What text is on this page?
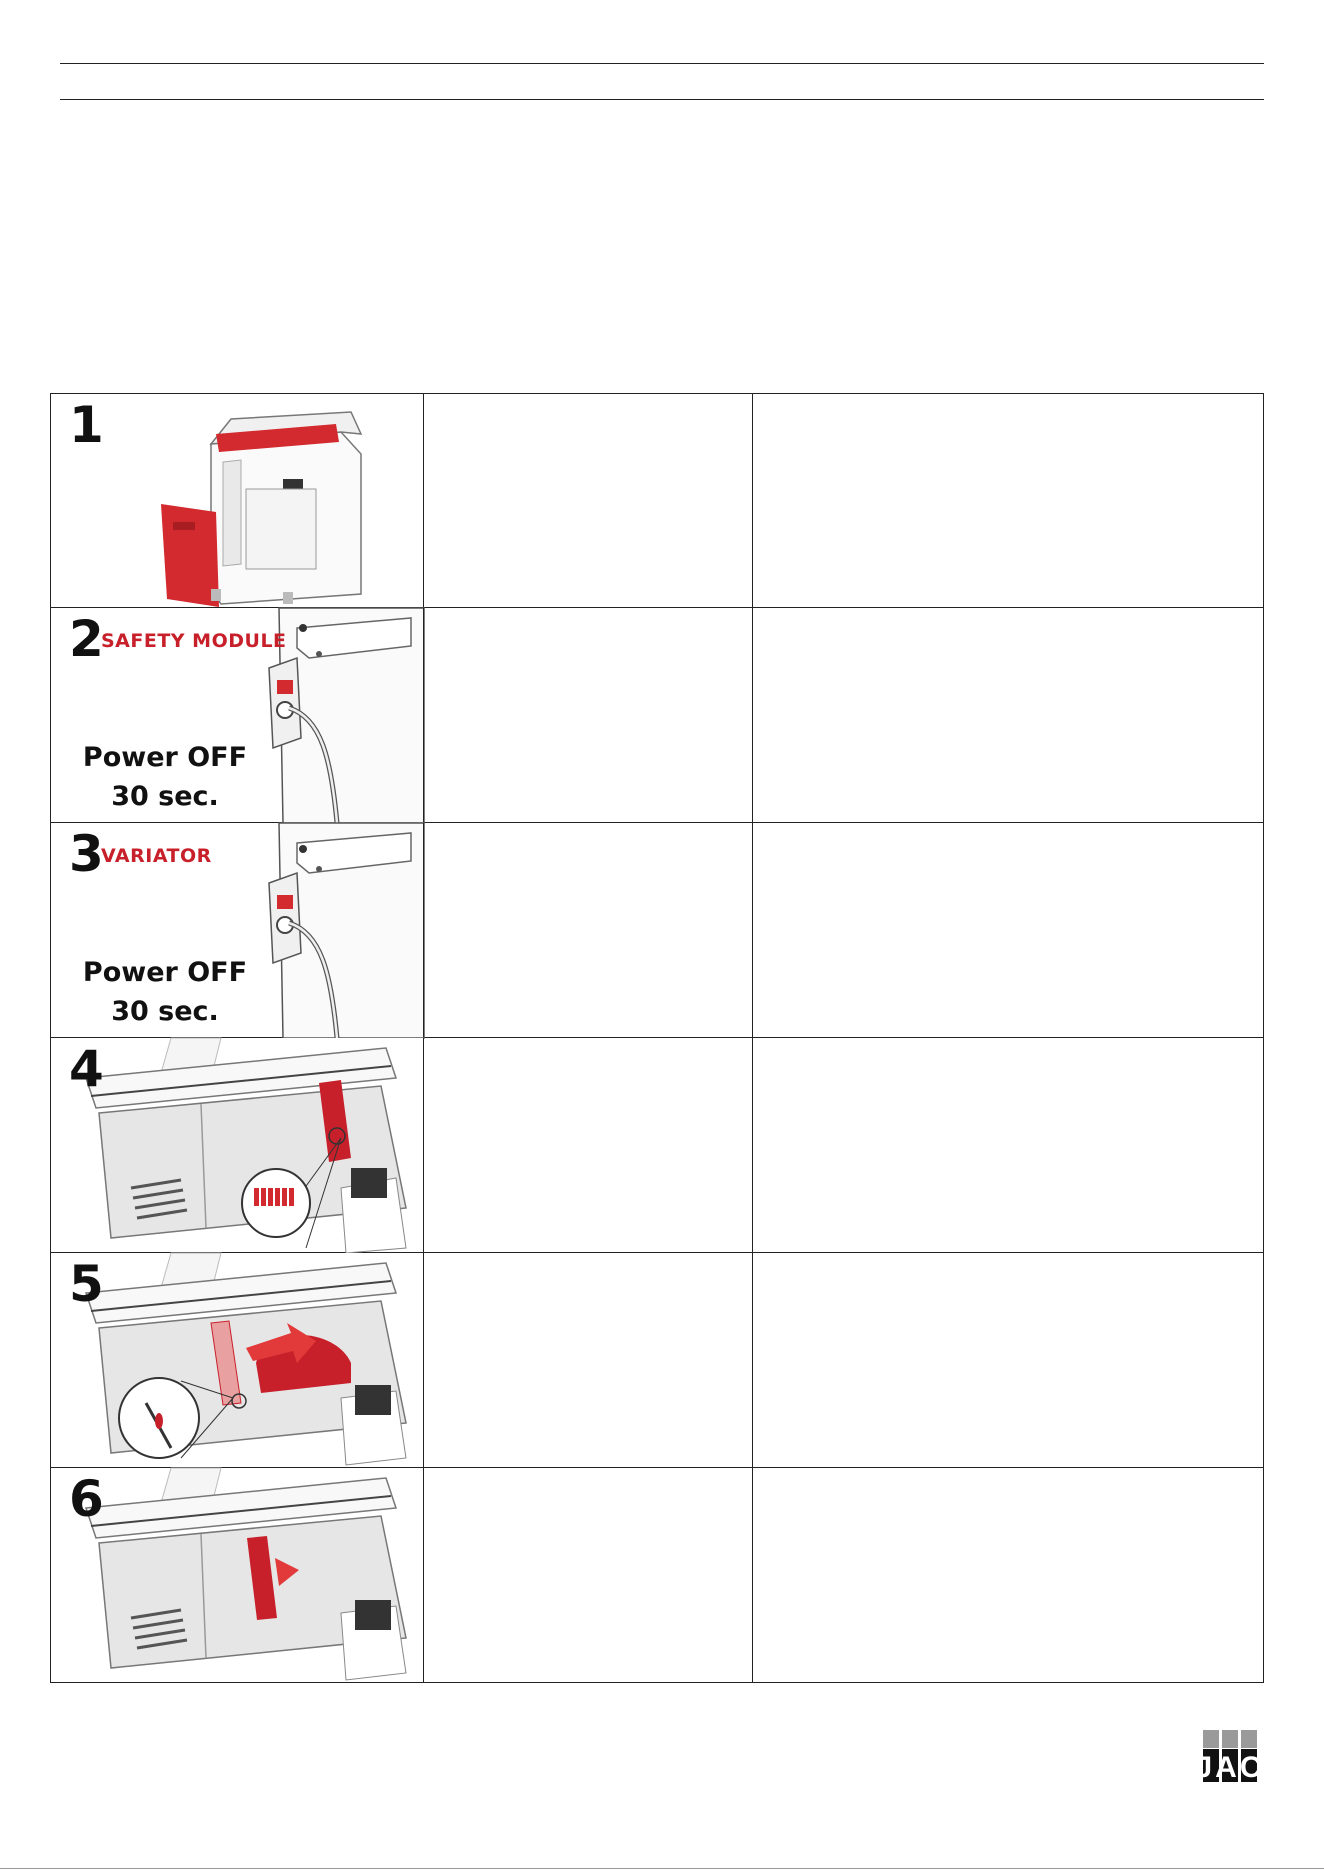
1
2
SAFETY MODULE
Power OFF
30 sec.
3
VARIATOR
Power OFF
30 sec.
4
5
6
JAC
